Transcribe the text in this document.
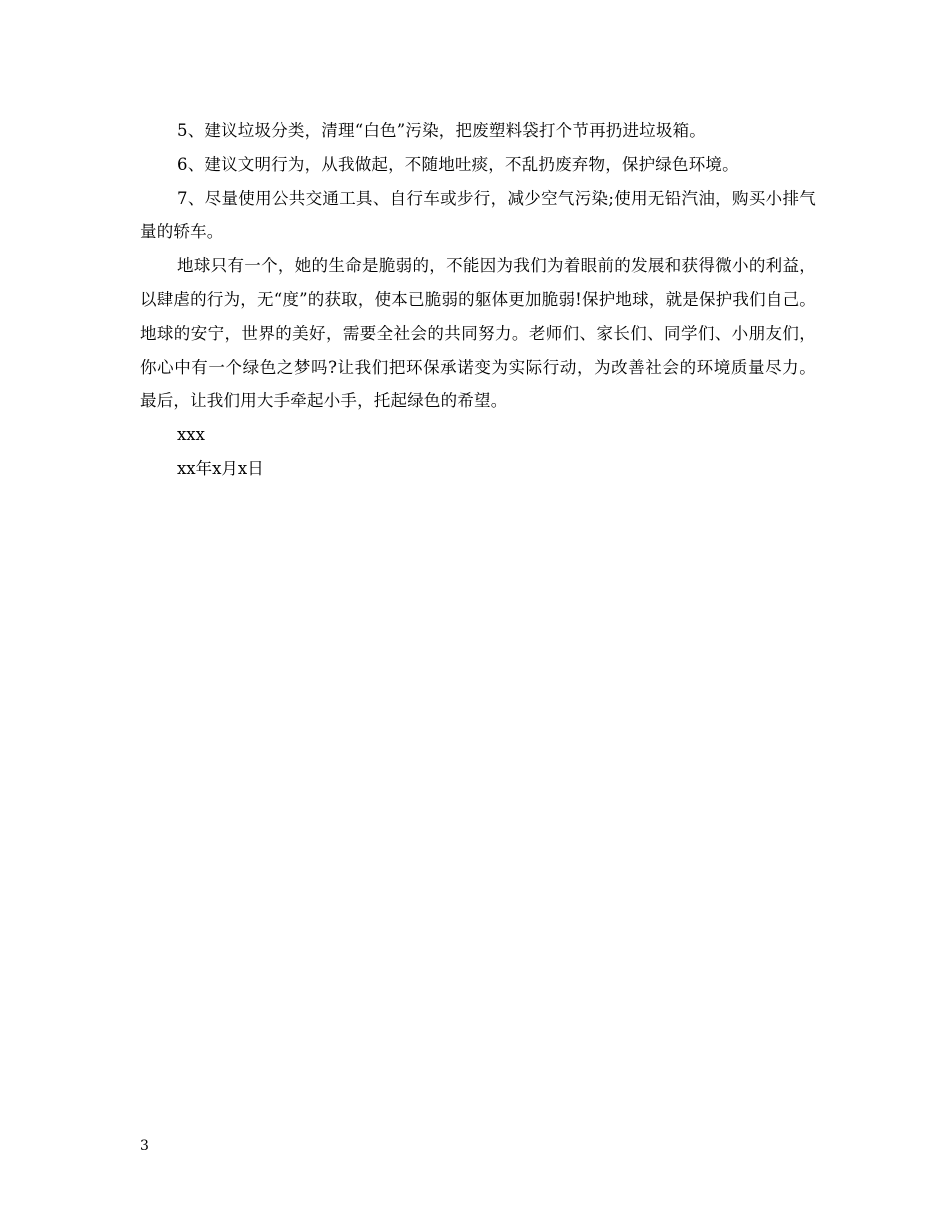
5、建议垃圾分类，清理“白色”污染，把废塑料袋打个节再扔进垃圾箱。

6、建议文明行为，从我做起，不随地吐痰，不乱扔废弃物，保护绿色环境。

7、尽量使用公共交通工具、自行车或步行，减少空气污染;使用无铅汽油，购买小排气量的轿车。

地球只有一个，她的生命是脆弱的，不能因为我们为着眼前的发展和获得微小的利益，以肆虐的行为，无“度”的获取，使本已脆弱的躯体更加脆弱!保护地球，就是保护我们自己。地球的安宁，世界的美好，需要全社会的共同努力。老师们、家长们、同学们、小朋友们，你心中有一个绿色之梦吗?让我们把环保承诺变为实际行动，为改善社会的环境质量尽力。最后，让我们用大手牵起小手，托起绿色的希望。

xxx

xx年x月x日

3
